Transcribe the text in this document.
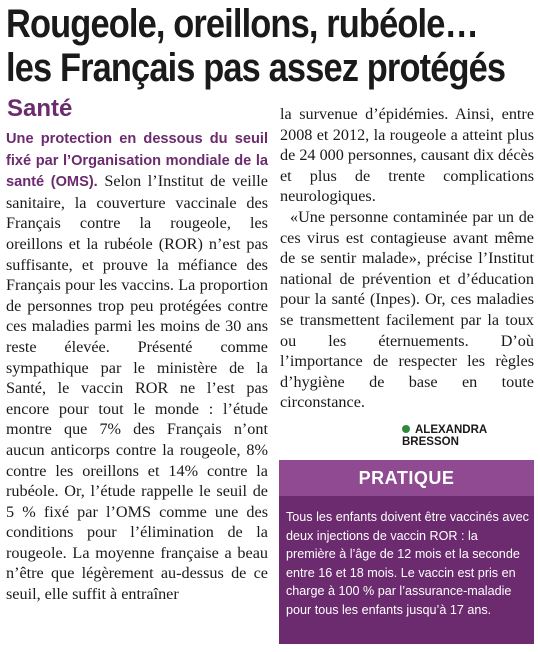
Rougeole, oreillons, rubéole…
les Français pas assez protégés
Santé

Une protection en dessous du seuil fixé par l’Organisation mondiale de la santé (OMS). Selon l’Institut de veille sanitaire, la couverture vaccinale des Français contre la rougeole, les oreillons et la rubéole (ROR) n’est pas suffisante, et prouve la méfiance des Français pour les vaccins. La proportion de personnes trop peu protégées contre ces maladies parmi les moins de 30 ans reste élevée. Présenté comme sympathique par le ministère de la Santé, le vaccin ROR ne l’est pas encore pour tout le monde : l’étude montre que 7% des Français n’ont aucun anticorps contre la rougeole, 8% contre les oreillons et 14% contre la rubéole. Or, l’étude rappelle le seuil de 5 % fixé par l’OMS comme une des conditions pour l’élimination de la rougeole. La moyenne française a beau n’être que légèrement au-dessus de ce seuil, elle suffit à entraîner

la survenue d’épidémies. Ainsi, entre 2008 et 2012, la rougeole a atteint plus de 24 000 personnes, causant dix décès et plus de trente complications neurologiques.

«Une personne contaminée par un de ces virus est contagieuse avant même de se sentir malade», précise l’Institut national de prévention et d’éducation pour la santé (Inpes). Or, ces maladies se transmettent facilement par la toux ou les éternuements. D’où l’importance de respecter les règles d’hygiène de base en toute circonstance.

ALEXANDRA BRESSON
PRATIQUE
Tous les enfants doivent être vaccinés avec deux injections de vaccin ROR : la première à l’âge de 12 mois et la seconde entre 16 et 18 mois. Le vaccin est pris en charge à 100 % par l’assurance-maladie pour tous les enfants jusqu’à 17 ans.
